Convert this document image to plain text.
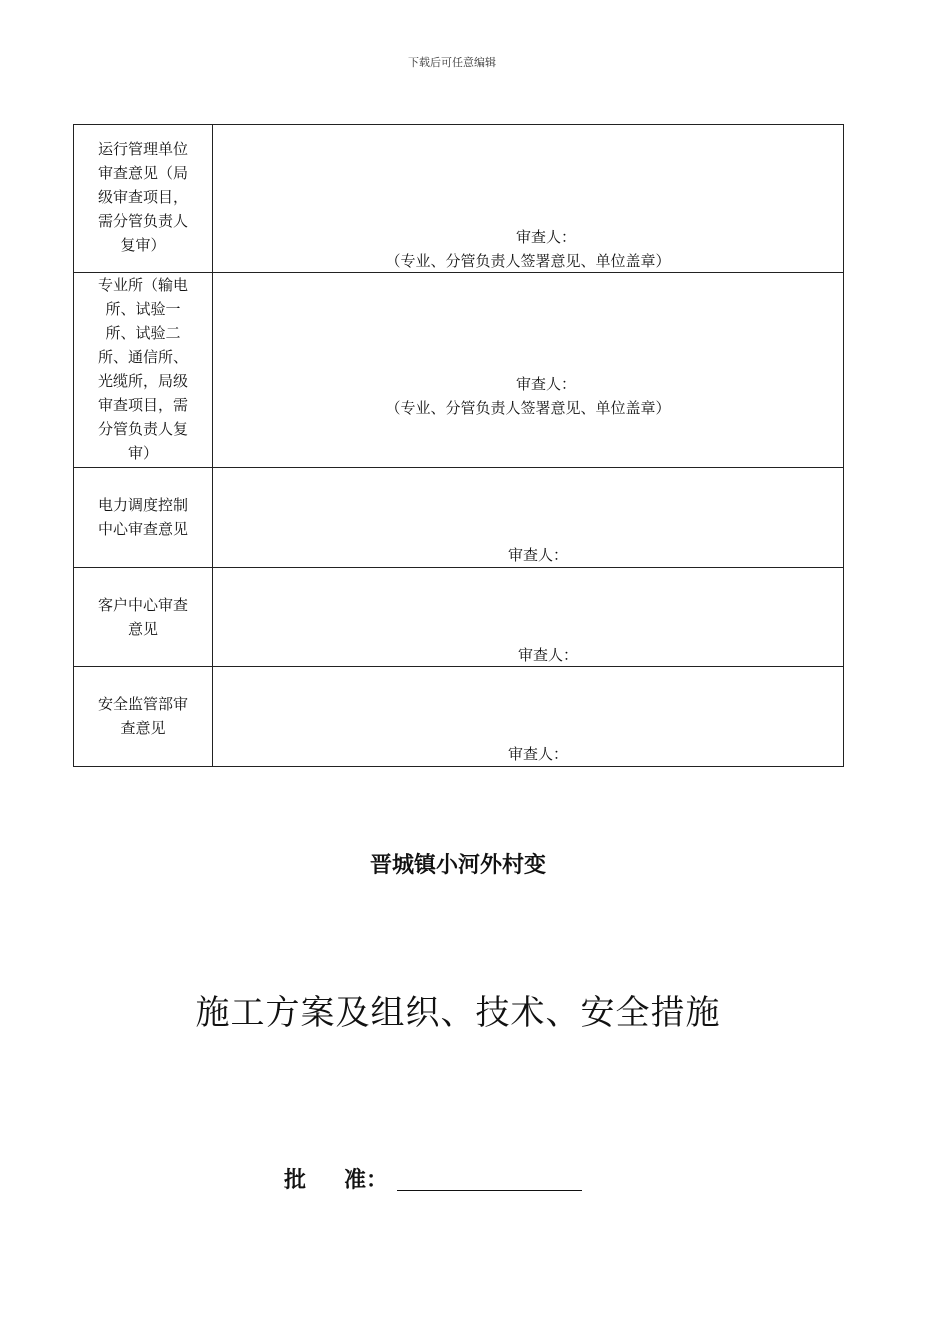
下载后可任意编辑
运行管理单位审查意见（局级审查项目，需分管负责人复审）	审查人：
（专业、分管负责人签署意见、单位盖章）

专业所（输电所、试验一所、试验二所、通信所、光缆所，局级审查项目，需分管负责人复审）	审查人：
（专业、分管负责人签署意见、单位盖章）

电力调度控制中心审查意见	审查人：

客户中心审查意见	审查人：

安全监管部审查意见	审查人：
晋城镇小河外村变
施工方案及组织、技术、安全措施
批 准：
